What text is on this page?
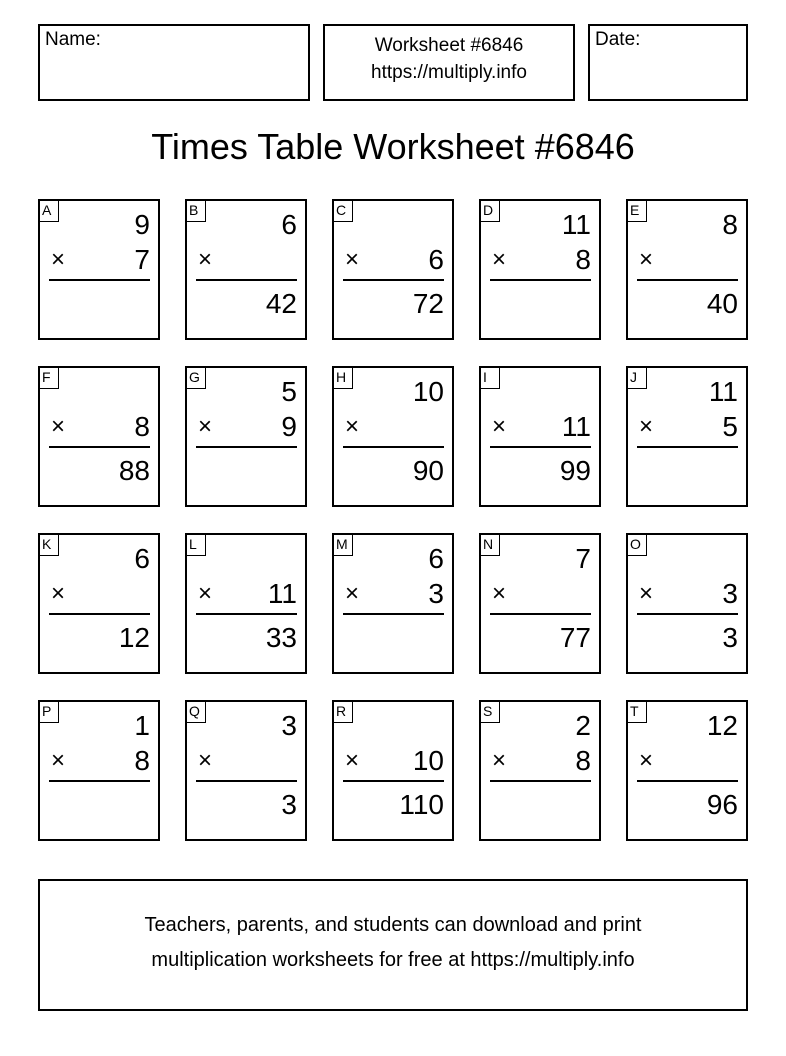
Name:	Worksheet #6846
https://multiply.info
Date:
Times Table Worksheet #6846
A	9
× 7
B	6
×
42
C
× 6
72
D 11
× 8
E	8
×
40
F
× 8
88
G	5
× 9
H 10
×
90
I
× 11
99
J	11
× 5
K	6
×
12
L
× 11
33
M	6
× 3
N	7
×
77
O
× 3
3
P	1
× 8
Q	3
×
3
R
× 10
110
S	2
× 8
T	12
×
96
Teachers, parents, and students can download and print
multiplication worksheets for free at https://multiply.info
